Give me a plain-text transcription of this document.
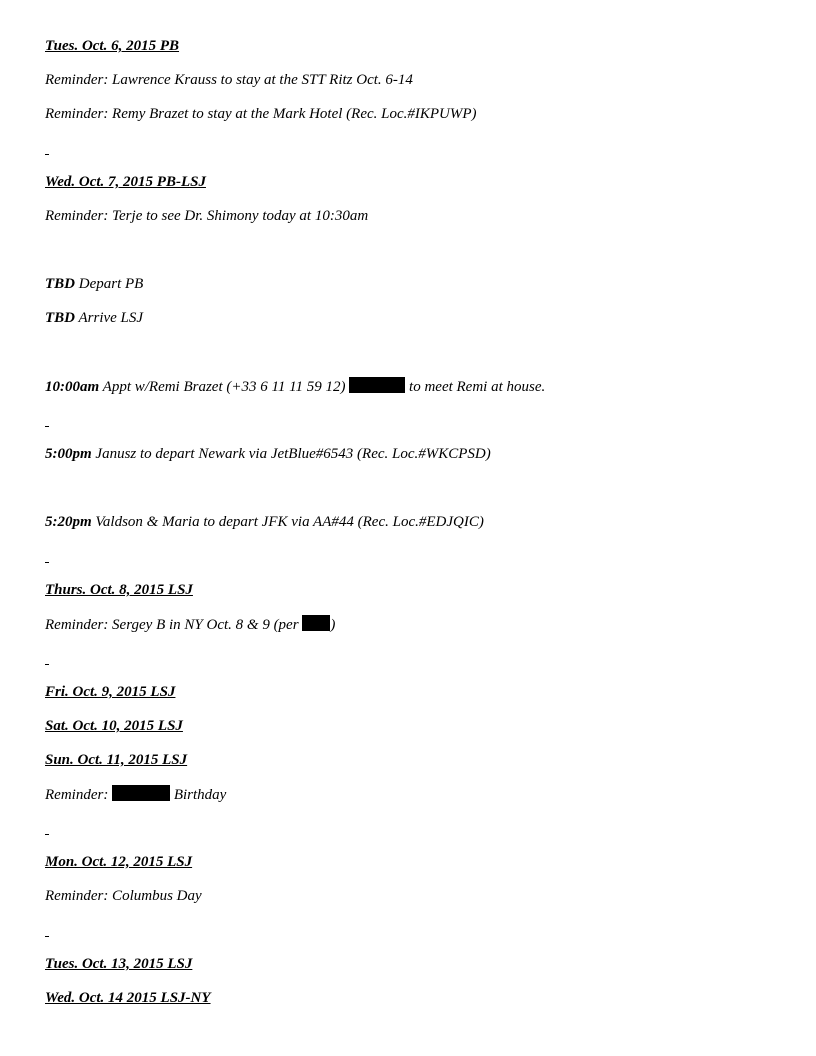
Tues. Oct. 6, 2015 PB
Reminder: Lawrence Krauss to stay at the STT Ritz Oct. 6-14
Reminder: Remy Brazet to stay at the Mark Hotel (Rec. Loc.#IKPUWP)
Wed. Oct. 7, 2015 PB-LSJ
Reminder: Terje to see Dr. Shimony today at 10:30am
TBD Depart PB
TBD Arrive LSJ
10:00am Appt w/Remi Brazet (+33 6 11 11 59 12)	to meet Remi at house.
5:00pm Janusz to depart Newark via JetBlue#6543 (Rec. Loc.#WKCPSD)
5:20pm Valdson & Maria to depart JFK via AA#44 (Rec. Loc.#EDJQIC)
Thurs. Oct. 8, 2015 LSJ
Reminder: Sergey B in NY Oct. 8 & 9 (per )
Fri. Oct. 9, 2015 LSJ
Sat. Oct. 10, 2015 LSJ
Sun. Oct. 11, 2015 LSJ
Reminder:	Birthday
Mon. Oct. 12, 2015 LSJ
Reminder: Columbus Day
Tues. Oct. 13, 2015 LSJ
Wed. Oct. 14 2015 LSJ-NY
